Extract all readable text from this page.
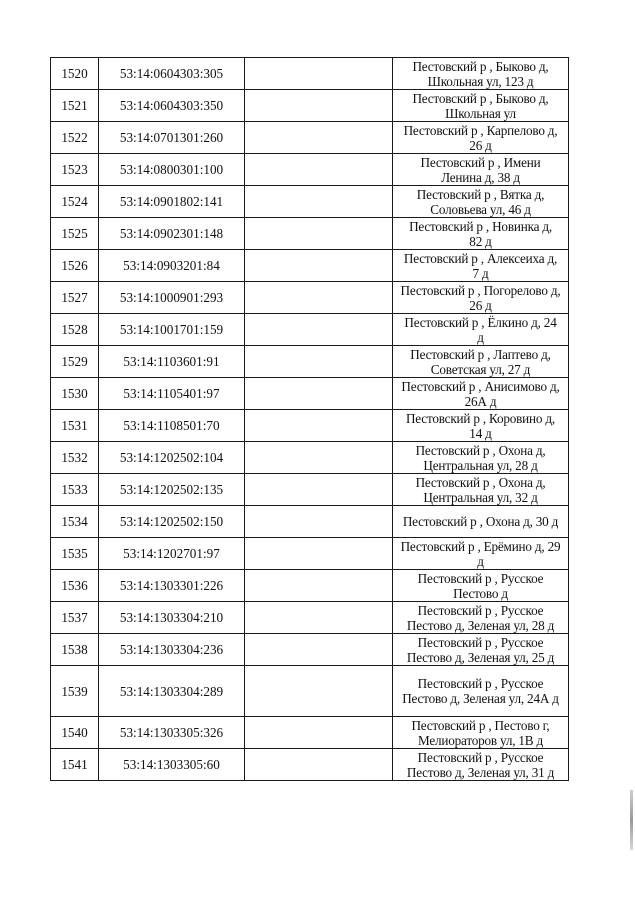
1520	53:14:0604303:305		Пестовский р , Быково д,
Школьная ул, 123 д

1521	53:14:0604303:350		Пестовский р , Быково д,
Школьная ул

1522	53:14:0701301:260		Пестовский р , Карпелово д,
26 д

1523	53:14:0800301:100		Пестовский р , Имени
Ленина д, 38 д

1524	53:14:0901802:141		Пестовский р , Вятка д,
Соловьева ул, 46 д

1525	53:14:0902301:148		Пестовский р , Новинка д,
82 д

1526	53:14:0903201:84		Пестовский р , Алексеиха д,
7 д

1527	53:14:1000901:293		Пестовский р , Погорелово д,
26 д

1528	53:14:1001701:159		Пестовский р , Ёлкино д, 24
д

1529	53:14:1103601:91		Пестовский р , Лаптево д,
Советская ул, 27 д

1530	53:14:1105401:97		Пестовский р , Анисимово д,
26А д

1531	53:14:1108501:70		Пестовский р , Коровино д,
14 д

1532	53:14:1202502:104		Пестовский р , Охона д,
Центральная ул, 28 д

1533	53:14:1202502:135		Пестовский р , Охона д,
Центральная ул, 32 д

1534	53:14:1202502:150		Пестовский р , Охона д, 30 д

1535	53:14:1202701:97		Пестовский р , Ерёмино д, 29
д

1536	53:14:1303301:226		Пестовский р , Русское
Пестово д

1537	53:14:1303304:210		Пестовский р , Русское
Пестово д, Зеленая ул, 28 д

1538	53:14:1303304:236		Пестовский р , Русское
Пестово д, Зеленая ул, 25 д

1539	53:14:1303304:289		Пестовский р , Русское
Пестово д, Зеленая ул, 24А д

1540	53:14:1303305:326		Пестовский р , Пестово г,
Мелиораторов ул, 1В д

1541	53:14:1303305:60		Пестовский р , Русское
Пестово д, Зеленая ул, 31 д
